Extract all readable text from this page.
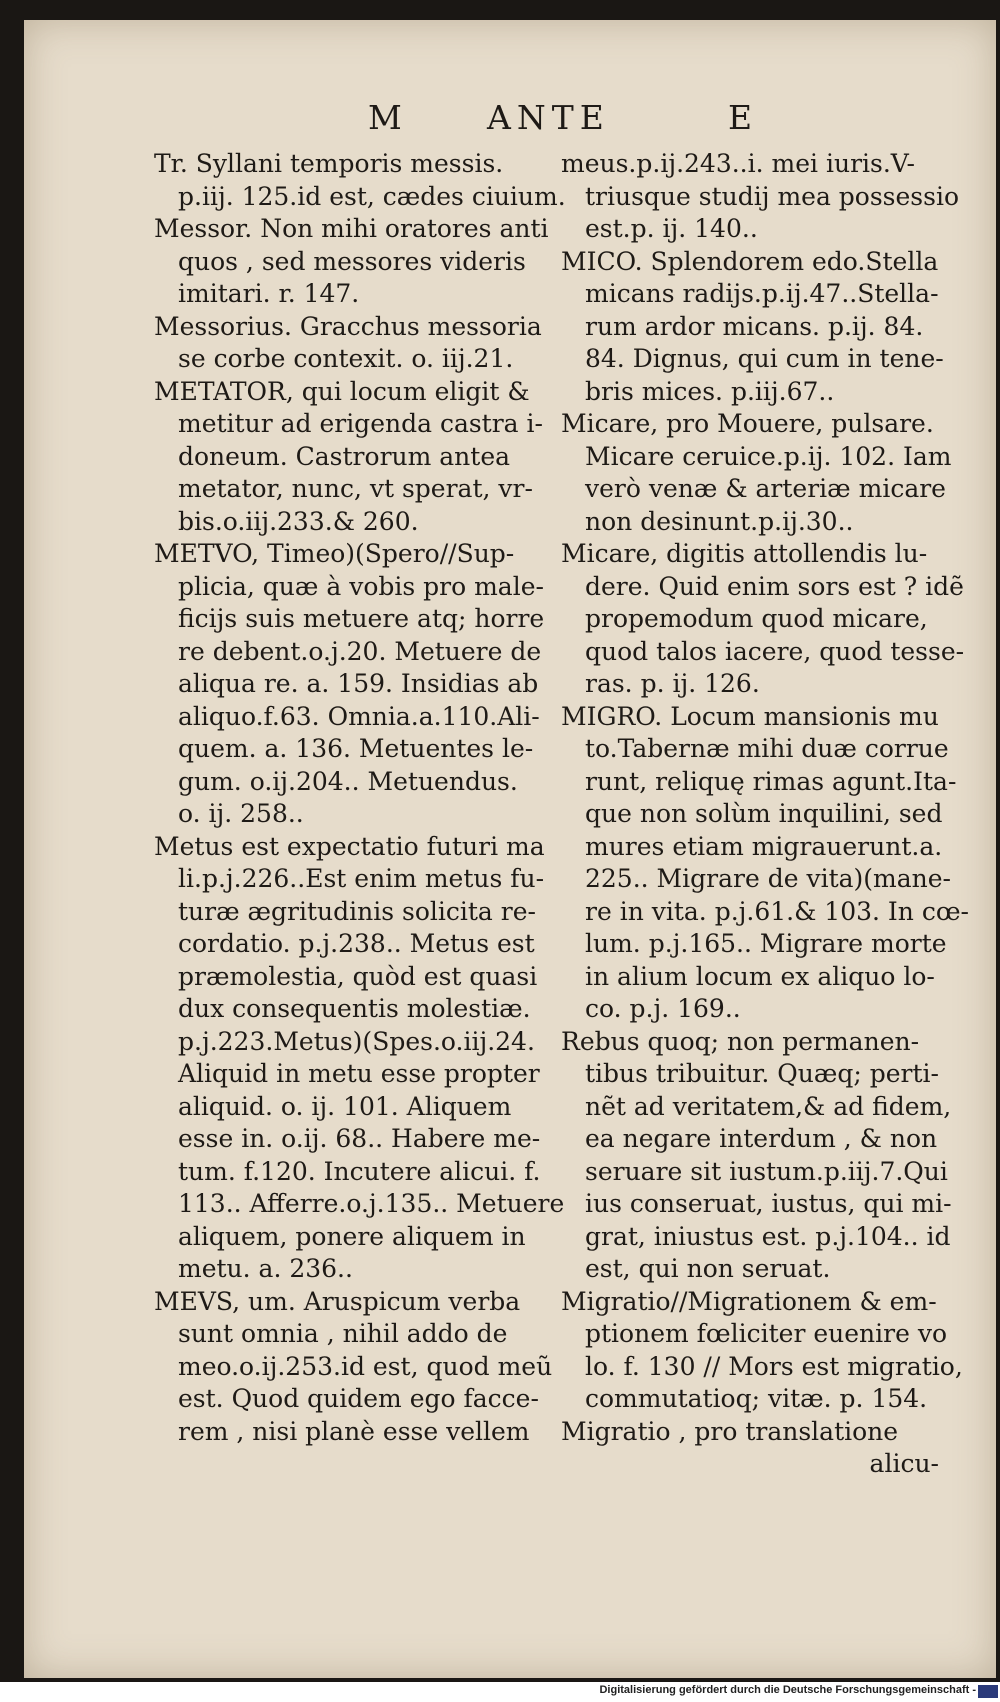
M	ANTE	E
Tr. Syllani temporis messis.
p.iij. 125.id est, cædes ciuium.
Messor. Non mihi oratores anti
quos , sed messores videris
imitari. r. 147.
Messorius. Gracchus messoria
se corbe contexit. o. iij.21.
METATOR, qui locum eligit &
metitur ad erigenda castra i-
doneum. Castrorum antea
metator, nunc, vt sperat, vr-
bis.o.iij.233.& 260.
METVO, Timeo)(Spero//Sup-
plicia, quæ à vobis pro male-
ficijs suis metuere atq; horre
re debent.o.j.20. Metuere de
aliqua re. a. 159. Insidias ab
aliquo.f.63. Omnia.a.110.Ali-
quem. a. 136. Metuentes le-
gum. o.ij.204.. Metuendus.
o. ij. 258..
Metus est expectatio futuri ma
li.p.j.226..Est enim metus fu-
turæ ægritudinis solicita re-
cordatio. p.j.238.. Metus est
præmolestia, quòd est quasi
dux consequentis molestiæ.
p.j.223.Metus)(Spes.o.iij.24.
Aliquid in metu esse propter
aliquid. o. ij. 101. Aliquem
esse in. o.ij. 68.. Habere me-
tum. f.120. Incutere alicui. f.
113.. Afferre.o.j.135.. Metuere
aliquem, ponere aliquem in
metu. a. 236..
MEVS, um. Aruspicum verba
sunt omnia , nihil addo de
meo.o.ij.253.id est, quod meũ
est. Quod quidem ego facce-
rem , nisi planè esse vellem
meus.p.ij.243..i. mei iuris.V-
triusque studij mea possessio
est.p. ij. 140..
MICO. Splendorem edo.Stella
micans radijs.p.ij.47..Stella-
rum ardor micans. p.ij. 84.
84. Dignus, qui cum in tene-
bris mices. p.iij.67..
Micare, pro Mouere, pulsare.
Micare ceruice.p.ij. 102. Iam
verò venæ & arteriæ micare
non desinunt.p.ij.30..
Micare, digitis attollendis lu-
dere. Quid enim sors est ? idẽ
propemodum quod micare,
quod talos iacere, quod tesse-
ras. p. ij. 126.
MIGRO. Locum mansionis mu
to.Tabernæ mihi duæ corrue
runt, reliquę rimas agunt.Ita-
que non solùm inquilini, sed
mures etiam migrauerunt.a.
225.. Migrare de vita)(mane-
re in vita. p.j.61.& 103. In cœ-
lum. p.j.165.. Migrare morte
in alium locum ex aliquo lo-
co. p.j. 169..
Rebus quoq; non permanen-
tibus tribuitur. Quæq; perti-
nẽt ad veritatem,& ad fidem,
ea negare interdum , & non
seruare sit iustum.p.iij.7.Qui
ius conseruat, iustus, qui mi-
grat, iniustus est. p.j.104.. id
est, qui non seruat.
Migratio//Migrationem & em-
ptionem fœliciter euenire vo
lo. f. 130 // Mors est migratio,
commutatioq; vitæ. p. 154.
Migratio , pro translatione
alicu-
Digitalisierung gefördert durch die Deutsche Forschungsgemeinschaft -
